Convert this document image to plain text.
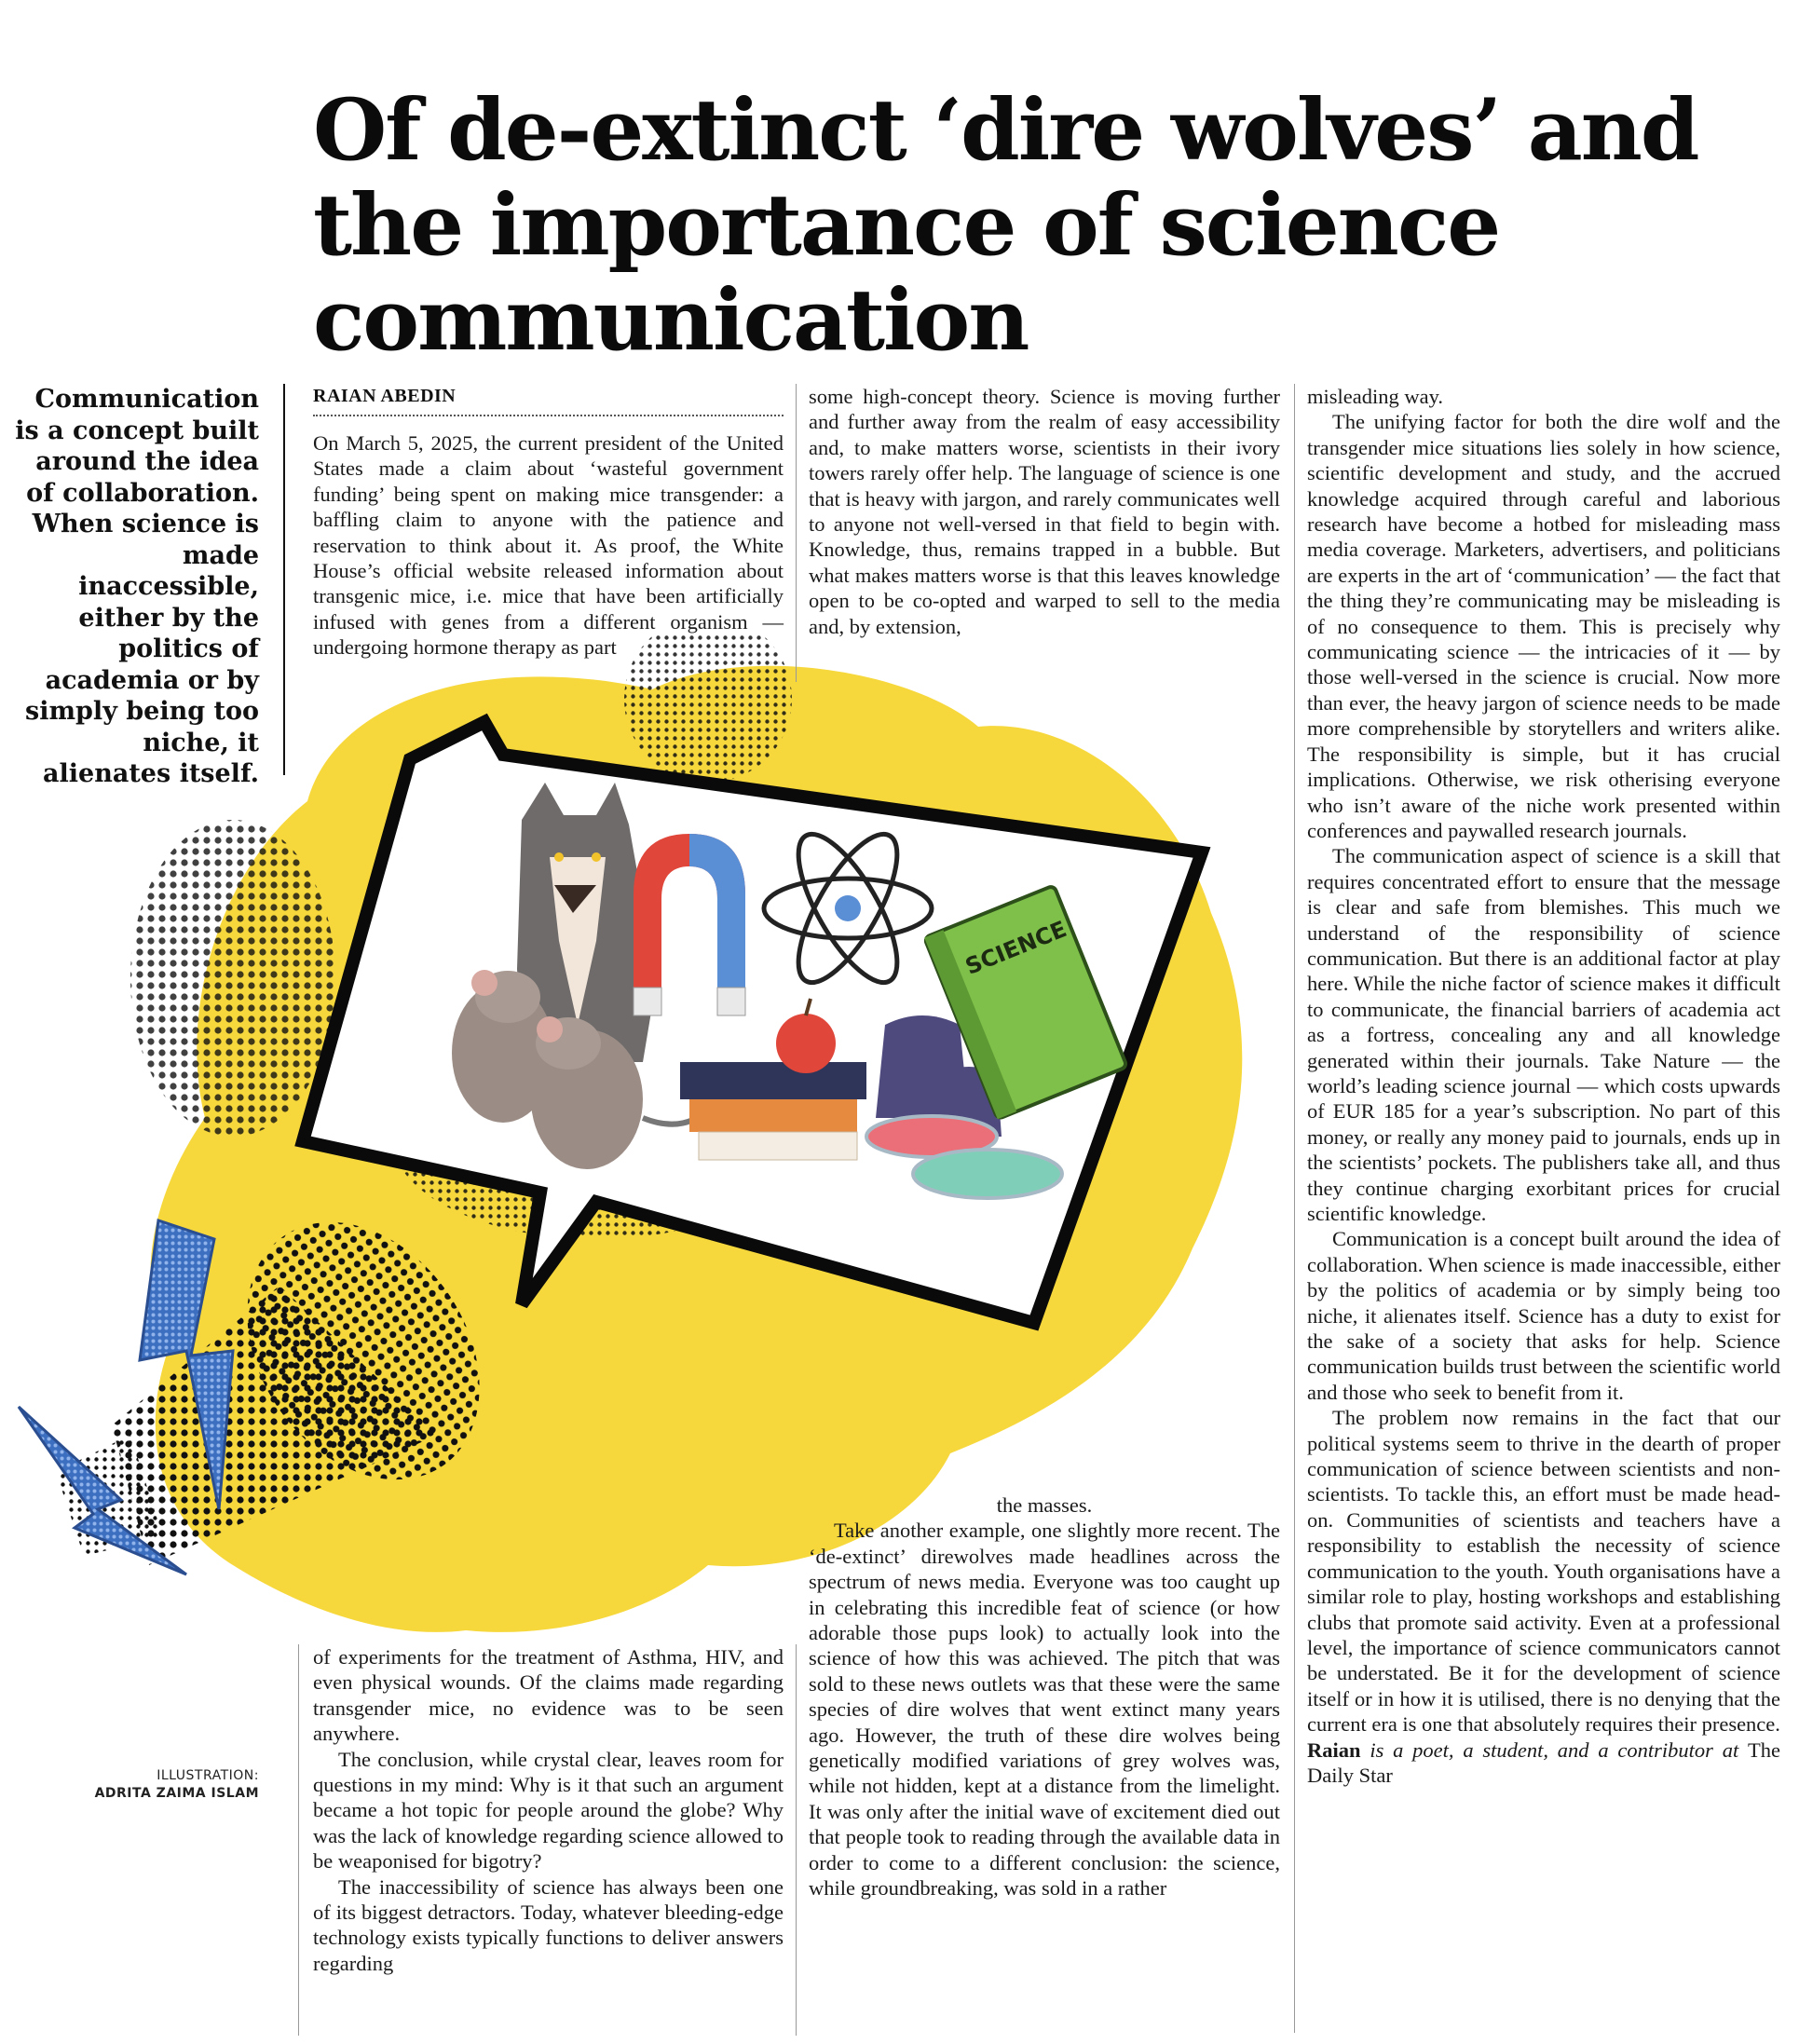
Of de-extinct ‘dire wolves’ and the importance of science communication
Communication is a concept built around the idea of collaboration. When science is made inaccessible, either by the politics of academia or by simply being too niche, it alienates itself.
RAIAN ABEDIN
SCIENCE

On March 5, 2025, the current president of the United States made a claim about ‘wasteful government funding’ being spent on making mice transgender: a baffling claim to anyone with the patience and reservation to think about it. As proof, the White House’s official website released information about transgenic mice, i.e. mice that have been artificially infused with genes from a different organism — undergoing hormone therapy as part

of experiments for the treatment of Asthma, HIV, and even physical wounds. Of the claims made regarding transgender mice, no evidence was to be seen anywhere.

The conclusion, while crystal clear, leaves room for questions in my mind: Why is it that such an argument became a hot topic for people around the globe? Why was the lack of knowledge regarding science allowed to be weaponised for bigotry?

The inaccessibility of science has always been one of its biggest detractors. Today, whatever bleeding-edge technology exists typically functions to deliver answers regarding

some high-concept theory. Science is moving further and further away from the realm of easy accessibility and, to make matters worse, scientists in their ivory towers rarely offer help. The language of science is one that is heavy with jargon, and rarely communicates well to anyone not well-versed in that field to begin with. Knowledge, thus, remains trapped in a bubble. But what makes matters worse is that this leaves knowledge open to be co-opted and warped to sell to the media and, by extension,

the masses.

Take another example, one slightly more recent. The ‘de-extinct’ direwolves made headlines across the spectrum of news media. Everyone was too caught up in celebrating this incredible feat of science (or how adorable those pups look) to actually look into the science of how this was achieved. The pitch that was sold to these news outlets was that these were the same species of dire wolves that went extinct many years ago. However, the truth of these dire wolves being genetically modified variations of grey wolves was, while not hidden, kept at a distance from the limelight. It was only after the initial wave of excitement died out that people took to reading through the available data in order to come to a different conclusion: the science, while groundbreaking, was sold in a rather

misleading way.

The unifying factor for both the dire wolf and the transgender mice situations lies solely in how science, scientific development and study, and the accrued knowledge acquired through careful and laborious research have become a hotbed for misleading mass media coverage. Marketers, advertisers, and politicians are experts in the art of ‘communication’ — the fact that the thing they’re communicating may be misleading is of no consequence to them. This is precisely why communicating science — the intricacies of it — by those well-versed in the science is crucial. Now more than ever, the heavy jargon of science needs to be made more comprehensible by storytellers and writers alike. The responsibility is simple, but it has crucial implications. Otherwise, we risk otherising everyone who isn’t aware of the niche work presented within conferences and paywalled research journals.

The communication aspect of science is a skill that requires concentrated effort to ensure that the message is clear and safe from blemishes. This much we understand of the responsibility of science communication. But there is an additional factor at play here. While the niche factor of science makes it difficult to communicate, the financial barriers of academia act as a fortress, concealing any and all knowledge generated within their journals. Take Nature — the world’s leading science journal — which costs upwards of EUR 185 for a year’s subscription. No part of this money, or really any money paid to journals, ends up in the scientists’ pockets. The publishers take all, and thus they continue charging exorbitant prices for crucial scientific knowledge.

Communication is a concept built around the idea of collaboration. When science is made inaccessible, either by the politics of academia or by simply being too niche, it alienates itself. Science has a duty to exist for the sake of a society that asks for help. Science communication builds trust between the scientific world and those who seek to benefit from it.

The problem now remains in the fact that our political systems seem to thrive in the dearth of proper communication of science between scientists and non-scientists. To tackle this, an effort must be made head-on. Communities of scientists and teachers have a responsibility to establish the necessity of science communication to the youth. Youth organisations have a similar role to play, hosting workshops and establishing clubs that promote said activity. Even at a professional level, the importance of science communicators cannot be understated. Be it for the development of science itself or in how it is utilised, there is no denying that the current era is one that absolutely requires their presence.

Raian is a poet, a student, and a contributor at The Daily Star

ILLUSTRATION:
ADRITA ZAIMA ISLAM
